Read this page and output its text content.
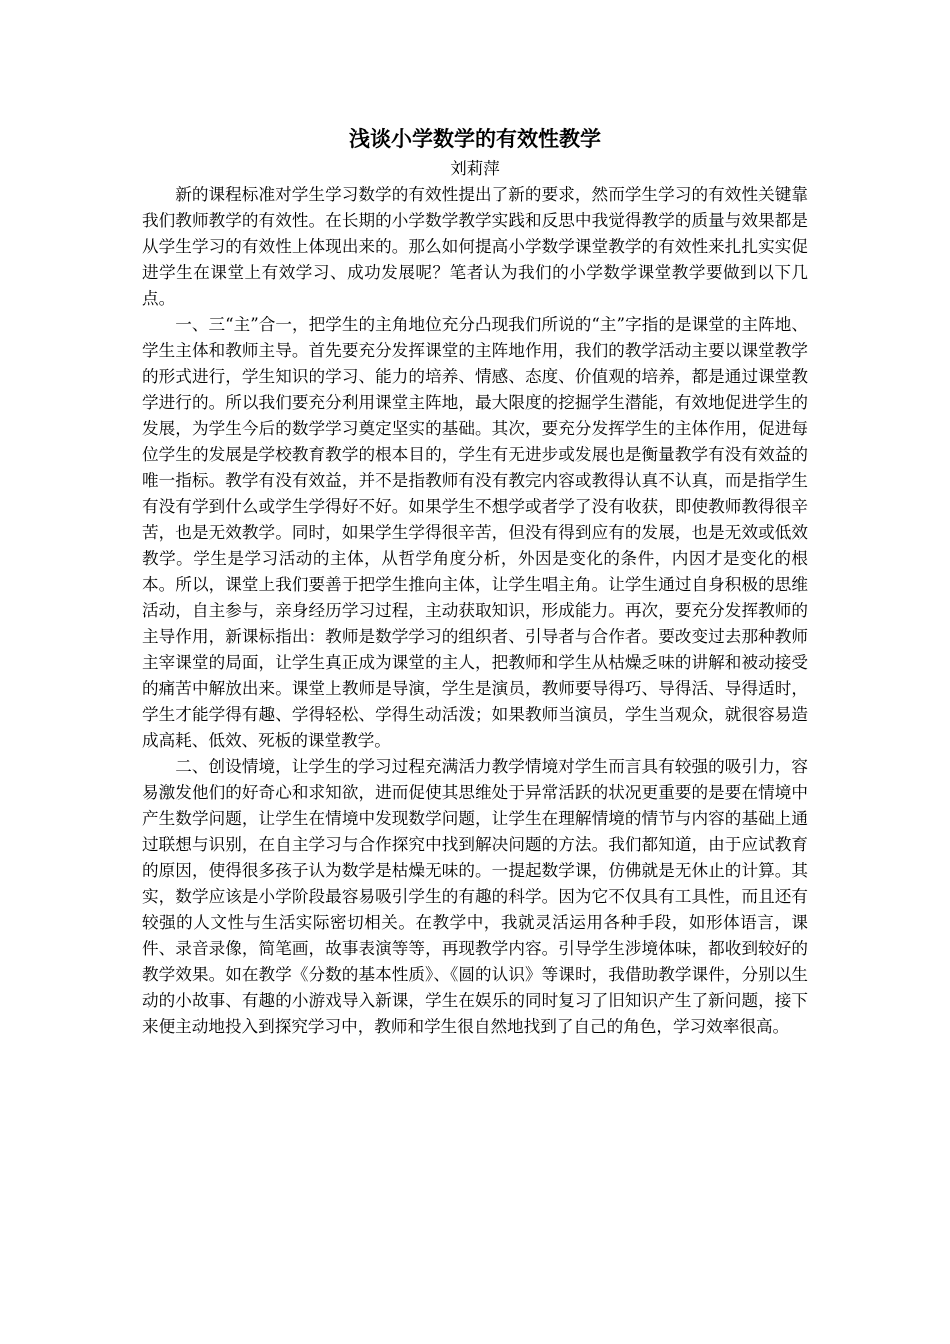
浅谈小学数学的有效性教学
刘莉萍

新的课程标准对学生学习数学的有效性提出了新的要求，然而学生学习的有效性关键靠我们教师教学的有效性。在长期的小学数学教学实践和反思中我觉得教学的质量与效果都是从学生学习的有效性上体现出来的。那么如何提高小学数学课堂教学的有效性来扎扎实实促进学生在课堂上有效学习、成功发展呢？笔者认为我们的小学数学课堂教学要做到以下几点。

一、三“主”合一，把学生的主角地位充分凸现我们所说的“主”字指的是课堂的主阵地、学生主体和教师主导。首先要充分发挥课堂的主阵地作用，我们的教学活动主要以课堂教学的形式进行，学生知识的学习、能力的培养、情感、态度、价值观的培养，都是通过课堂教学进行的。所以我们要充分利用课堂主阵地，最大限度的挖掘学生潜能，有效地促进学生的发展，为学生今后的数学学习奠定坚实的基础。其次，要充分发挥学生的主体作用，促进每位学生的发展是学校教育教学的根本目的，学生有无进步或发展也是衡量教学有没有效益的唯一指标。教学有没有效益，并不是指教师有没有教完内容或教得认真不认真，而是指学生有没有学到什么或学生学得好不好。如果学生不想学或者学了没有收获，即使教师教得很辛苦，也是无效教学。同时，如果学生学得很辛苦，但没有得到应有的发展，也是无效或低效教学。学生是学习活动的主体，从哲学角度分析，外因是变化的条件，内因才是变化的根本。所以，课堂上我们要善于把学生推向主体，让学生唱主角。让学生通过自身积极的思维活动，自主参与，亲身经历学习过程，主动获取知识，形成能力。再次，要充分发挥教师的主导作用，新课标指出：教师是数学学习的组织者、引导者与合作者。要改变过去那种教师主宰课堂的局面，让学生真正成为课堂的主人，把教师和学生从枯燥乏味的讲解和被动接受的痛苦中解放出来。课堂上教师是导演，学生是演员，教师要导得巧、导得活、导得适时，学生才能学得有趣、学得轻松、学得生动活泼；如果教师当演员，学生当观众，就很容易造成高耗、低效、死板的课堂教学。

二、创设情境，让学生的学习过程充满活力教学情境对学生而言具有较强的吸引力，容易激发他们的好奇心和求知欲，进而促使其思维处于异常活跃的状况更重要的是要在情境中产生数学问题，让学生在情境中发现数学问题，让学生在理解情境的情节与内容的基础上通过联想与识别，在自主学习与合作探究中找到解决问题的方法。我们都知道，由于应试教育的原因，使得很多孩子认为数学是枯燥无味的。一提起数学课，仿佛就是无休止的计算。其实，数学应该是小学阶段最容易吸引学生的有趣的科学。因为它不仅具有工具性，而且还有较强的人文性与生活实际密切相关。在教学中，我就灵活运用各种手段，如形体语言，课件、录音录像，简笔画，故事表演等等，再现教学内容。引导学生涉境体味，都收到较好的教学效果。如在教学《分数的基本性质》、《圆的认识》等课时，我借助教学课件，分别以生动的小故事、有趣的小游戏导入新课，学生在娱乐的同时复习了旧知识产生了新问题，接下来便主动地投入到探究学习中，教师和学生很自然地找到了自己的角色，学习效率很高。
